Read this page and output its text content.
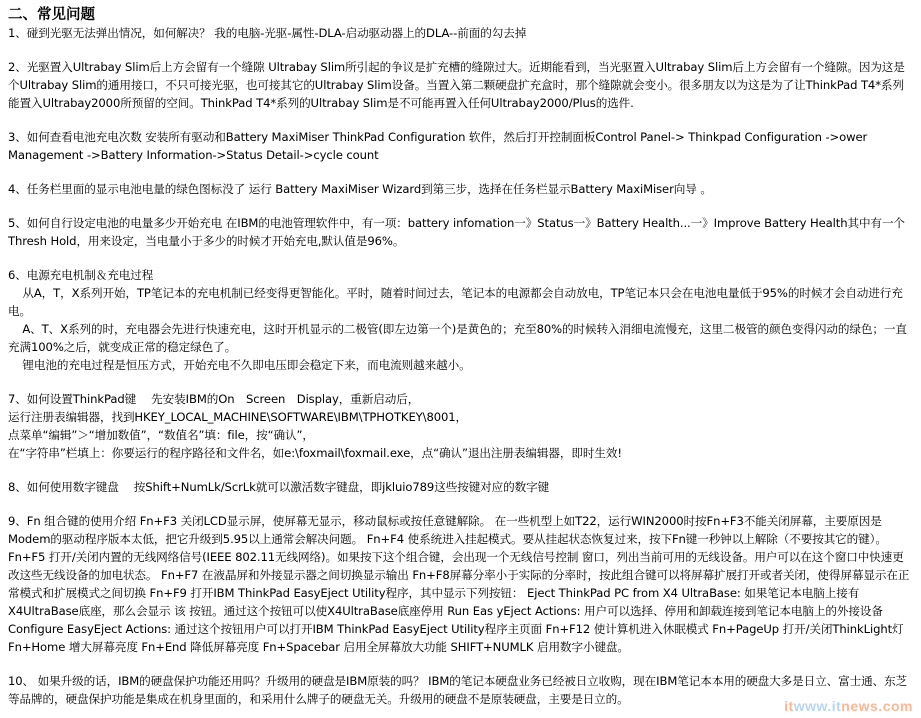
二、常见问题

1、碰到光驱无法弹出情况，如何解决？ 我的电脑-光驱-属性-DLA-启动驱动器上的DLA--前面的勾去掉

2、光驱置入Ultrabay Slim后上方会留有一个缝隙 Ultrabay Slim所引起的争议是扩充槽的缝隙过大。近期能看到，当光驱置入Ultrabay Slim后上方会留有一个缝隙。因为这是个Ultrabay Slim的通用接口，不只可接光驱，也可接其它的Ultrabay Slim设备。当置入第二颗硬盘扩充盒时，那个缝隙就会变小。很多朋友以为这是为了让ThinkPad T4*系列能置入Ultrabay2000所预留的空间。ThinkPad T4*系列的Ultrabay Slim是不可能再置入任何Ultrabay2000/Plus的选件.

3、如何查看电池充电次数 安装所有驱动和Battery MaxiMiser ThinkPad Configuration 软件，然后打开控制面板Control Panel-> Thinkpad Configuration ->ower Management ->Battery Information->Status Detail->cycle count

4、任务栏里面的显示电池电量的绿色图标没了 运行 Battery MaxiMiser Wizard到第三步，选择在任务栏显示Battery MaxiMiser向导 。

5、如何自行设定电池的电量多少开始充电 在IBM的电池管理软件中，有一项：battery infomation一》Status一》Battery Health...一》Improve Battery Health其中有一个Thresh Hold，用来设定，当电量小于多少的时候才开始充电,默认值是96%。

6、电源充电机制＆充电过程

从A，T，X系列开始，TP笔记本的充电机制已经变得更智能化。平时，随着时间过去，笔记本的电源都会自动放电，TP笔记本只会在电池电量低于95%的时候才会自动进行充电。

A、T、X系列的时，充电器会先进行快速充电，这时开机显示的二极管(即左边第一个)是黄色的；充至80%的时候转入涓细电流慢充，这里二极管的颜色变得闪动的绿色；一直充满100%之后，就变成正常的稳定绿色了。

锂电池的充电过程是恒压方式，开始充电不久即电压即会稳定下来，而电流则越来越小。

7、如何设置ThinkPad键　 先安装IBM的On　Screen　Display，重新启动后，

运行注册表编辑器，找到HKEY_LOCAL_MACHINE\SOFTWARE\IBM\TPHOTKEY\8001，

点菜单“编辑”＞“增加数值”，“数值名”填：file，按“确认”，

在“字符串”栏填上：你要运行的程序路径和文件名，如e:\foxmail\foxmail.exe，点“确认”退出注册表编辑器，即时生效!

8、如何使用数字键盘　 按Shift+NumLk/ScrLk就可以激活数字键盘，即jkluio789这些按键对应的数字键

9、Fn 组合键的使用介绍 Fn+F3 关闭LCD显示屏，使屏幕无显示，移动鼠标或按任意键解除。 在一些机型上如T22，运行WIN2000时按Fn+F3不能关闭屏幕，主要原因是Modem的驱动程序版本太低，把它升级到5.95以上通常会解决问题。 Fn+F4 使系统进入挂起模式。要从挂起状态恢复过来，按下Fn键一秒钟以上解除（不要按其它的键）。 Fn+F5 打开/关闭内置的无线网络信号(IEEE 802.11无线网络)。如果按下这个组合键，会出现一个无线信号控制 窗口，列出当前可用的无线设备。用户可以在这个窗口中快速更改这些无线设备的加电状态。 Fn+F7 在液晶屏和外接显示器之间切换显示输出 Fn+F8屏幕分率小于实际的分率时，按此组合键可以将屏幕扩展打开或者关闭，使得屏幕显示在正常模式和扩展模式之间切换 Fn+F9 打开IBM ThinkPad EasyEject Utility程序，其中显示下列按钮： Eject ThinkPad PC from X4 UltraBase: 如果笔记本电脑上接有X4UltraBase底座，那么会显示 该 按钮。通过这个按钮可以使X4UltraBase底座停用 Run Eas yEject Actions: 用户可以选择、停用和卸载连接到笔记本电脑上的外接设备 Configure EasyEject Actions: 通过这个按钮用户可以打开IBM ThinkPad EasyEject Utility程序主页面 Fn+F12 使计算机进入休眠模式 Fn+PageUp 打开/关闭ThinkLight灯 Fn+Home 增大屏幕亮度 Fn+End 降低屏幕亮度 Fn+Spacebar 启用全屏幕放大功能 SHIFT+NUMLK 启用数字小键盘。

10、 如果升级的话，IBM的硬盘保护功能还用吗？升级用的硬盘是IBM原装的吗？ IBM的笔记本硬盘业务已经被日立收购，现在IBM笔记本本用的硬盘大多是日立、富士通、东芝等品牌的，硬盘保护功能是集成在机身里面的，和采用什么牌子的硬盘无关。升级用的硬盘不是原装硬盘，主要是日立的。	itwww.itnews.com
